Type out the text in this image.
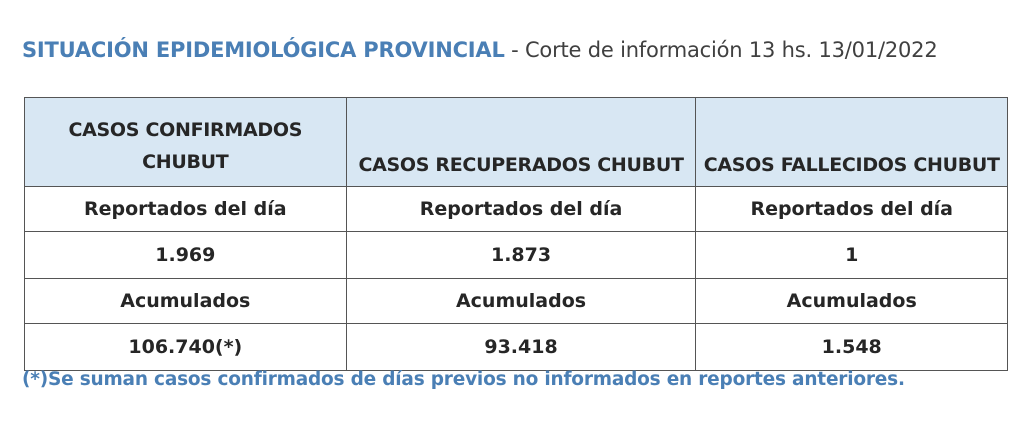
SITUACIÓN EPIDEMIOLÓGICA PROVINCIAL - Corte de información 13 hs. 13/01/2022
CASOS CONFIRMADOS CHUBUT	CASOS RECUPERADOS CHUBUT	CASOS FALLECIDOS CHUBUT
Reportados del día	Reportados del día	Reportados del día
1.969	1.873	1
Acumulados	Acumulados	Acumulados
106.740(*)	93.418	1.548
(*)Se suman casos confirmados de días previos no informados en reportes anteriores.
